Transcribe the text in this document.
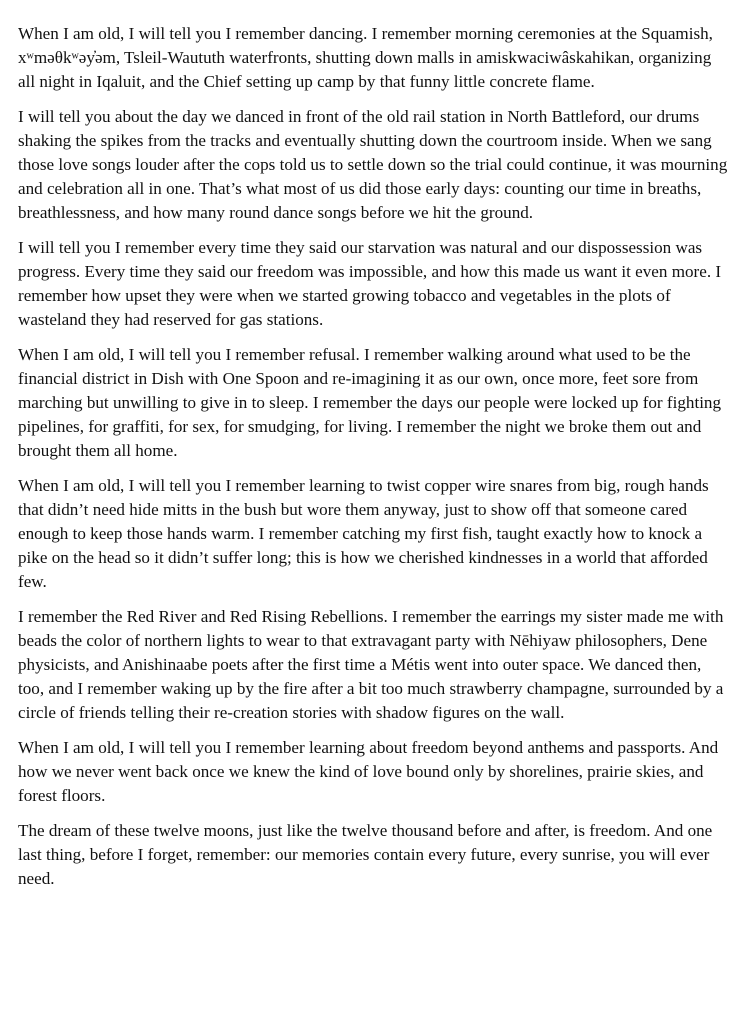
When I am old, I will tell you I remember dancing. I remember morning ceremonies at the Squamish, xʷməθkʷəy̓əm, Tsleil-Waututh waterfronts, shutting down malls in amiskwaciwâskahikan, organizing all night in Iqaluit, and the Chief setting up camp by that funny little concrete flame.

I will tell you about the day we danced in front of the old rail station in North Battleford, our drums shaking the spikes from the tracks and eventually shutting down the courtroom inside. When we sang those love songs louder after the cops told us to settle down so the trial could continue, it was mourning and celebration all in one. That’s what most of us did those early days: counting our time in breaths, breathlessness, and how many round dance songs before we hit the ground.

I will tell you I remember every time they said our starvation was natural and our dispossession was progress. Every time they said our freedom was impossible, and how this made us want it even more. I remember how upset they were when we started growing tobacco and vegetables in the plots of wasteland they had reserved for gas stations.

When I am old, I will tell you I remember refusal. I remember walking around what used to be the financial district in Dish with One Spoon and re-imagining it as our own, once more, feet sore from marching but unwilling to give in to sleep. I remember the days our people were locked up for fighting pipelines, for graffiti, for sex, for smudging, for living. I remember the night we broke them out and brought them all home.

When I am old, I will tell you I remember learning to twist copper wire snares from big, rough hands that didn’t need hide mitts in the bush but wore them anyway, just to show off that someone cared enough to keep those hands warm. I remember catching my first fish, taught exactly how to knock a pike on the head so it didn’t suffer long; this is how we cherished kindnesses in a world that afforded few.

I remember the Red River and Red Rising Rebellions. I remember the earrings my sister made me with beads the color of northern lights to wear to that extravagant party with Nēhiyaw philosophers, Dene physicists, and Anishinaabe poets after the first time a Métis went into outer space. We danced then, too, and I remember waking up by the fire after a bit too much strawberry champagne, surrounded by a circle of friends telling their re-creation stories with shadow figures on the wall.

When I am old, I will tell you I remember learning about freedom beyond anthems and passports. And how we never went back once we knew the kind of love bound only by shorelines, prairie skies, and forest floors.

The dream of these twelve moons, just like the twelve thousand before and after, is freedom. And one last thing, before I forget, remember: our memories contain every future, every sunrise, you will ever need.
